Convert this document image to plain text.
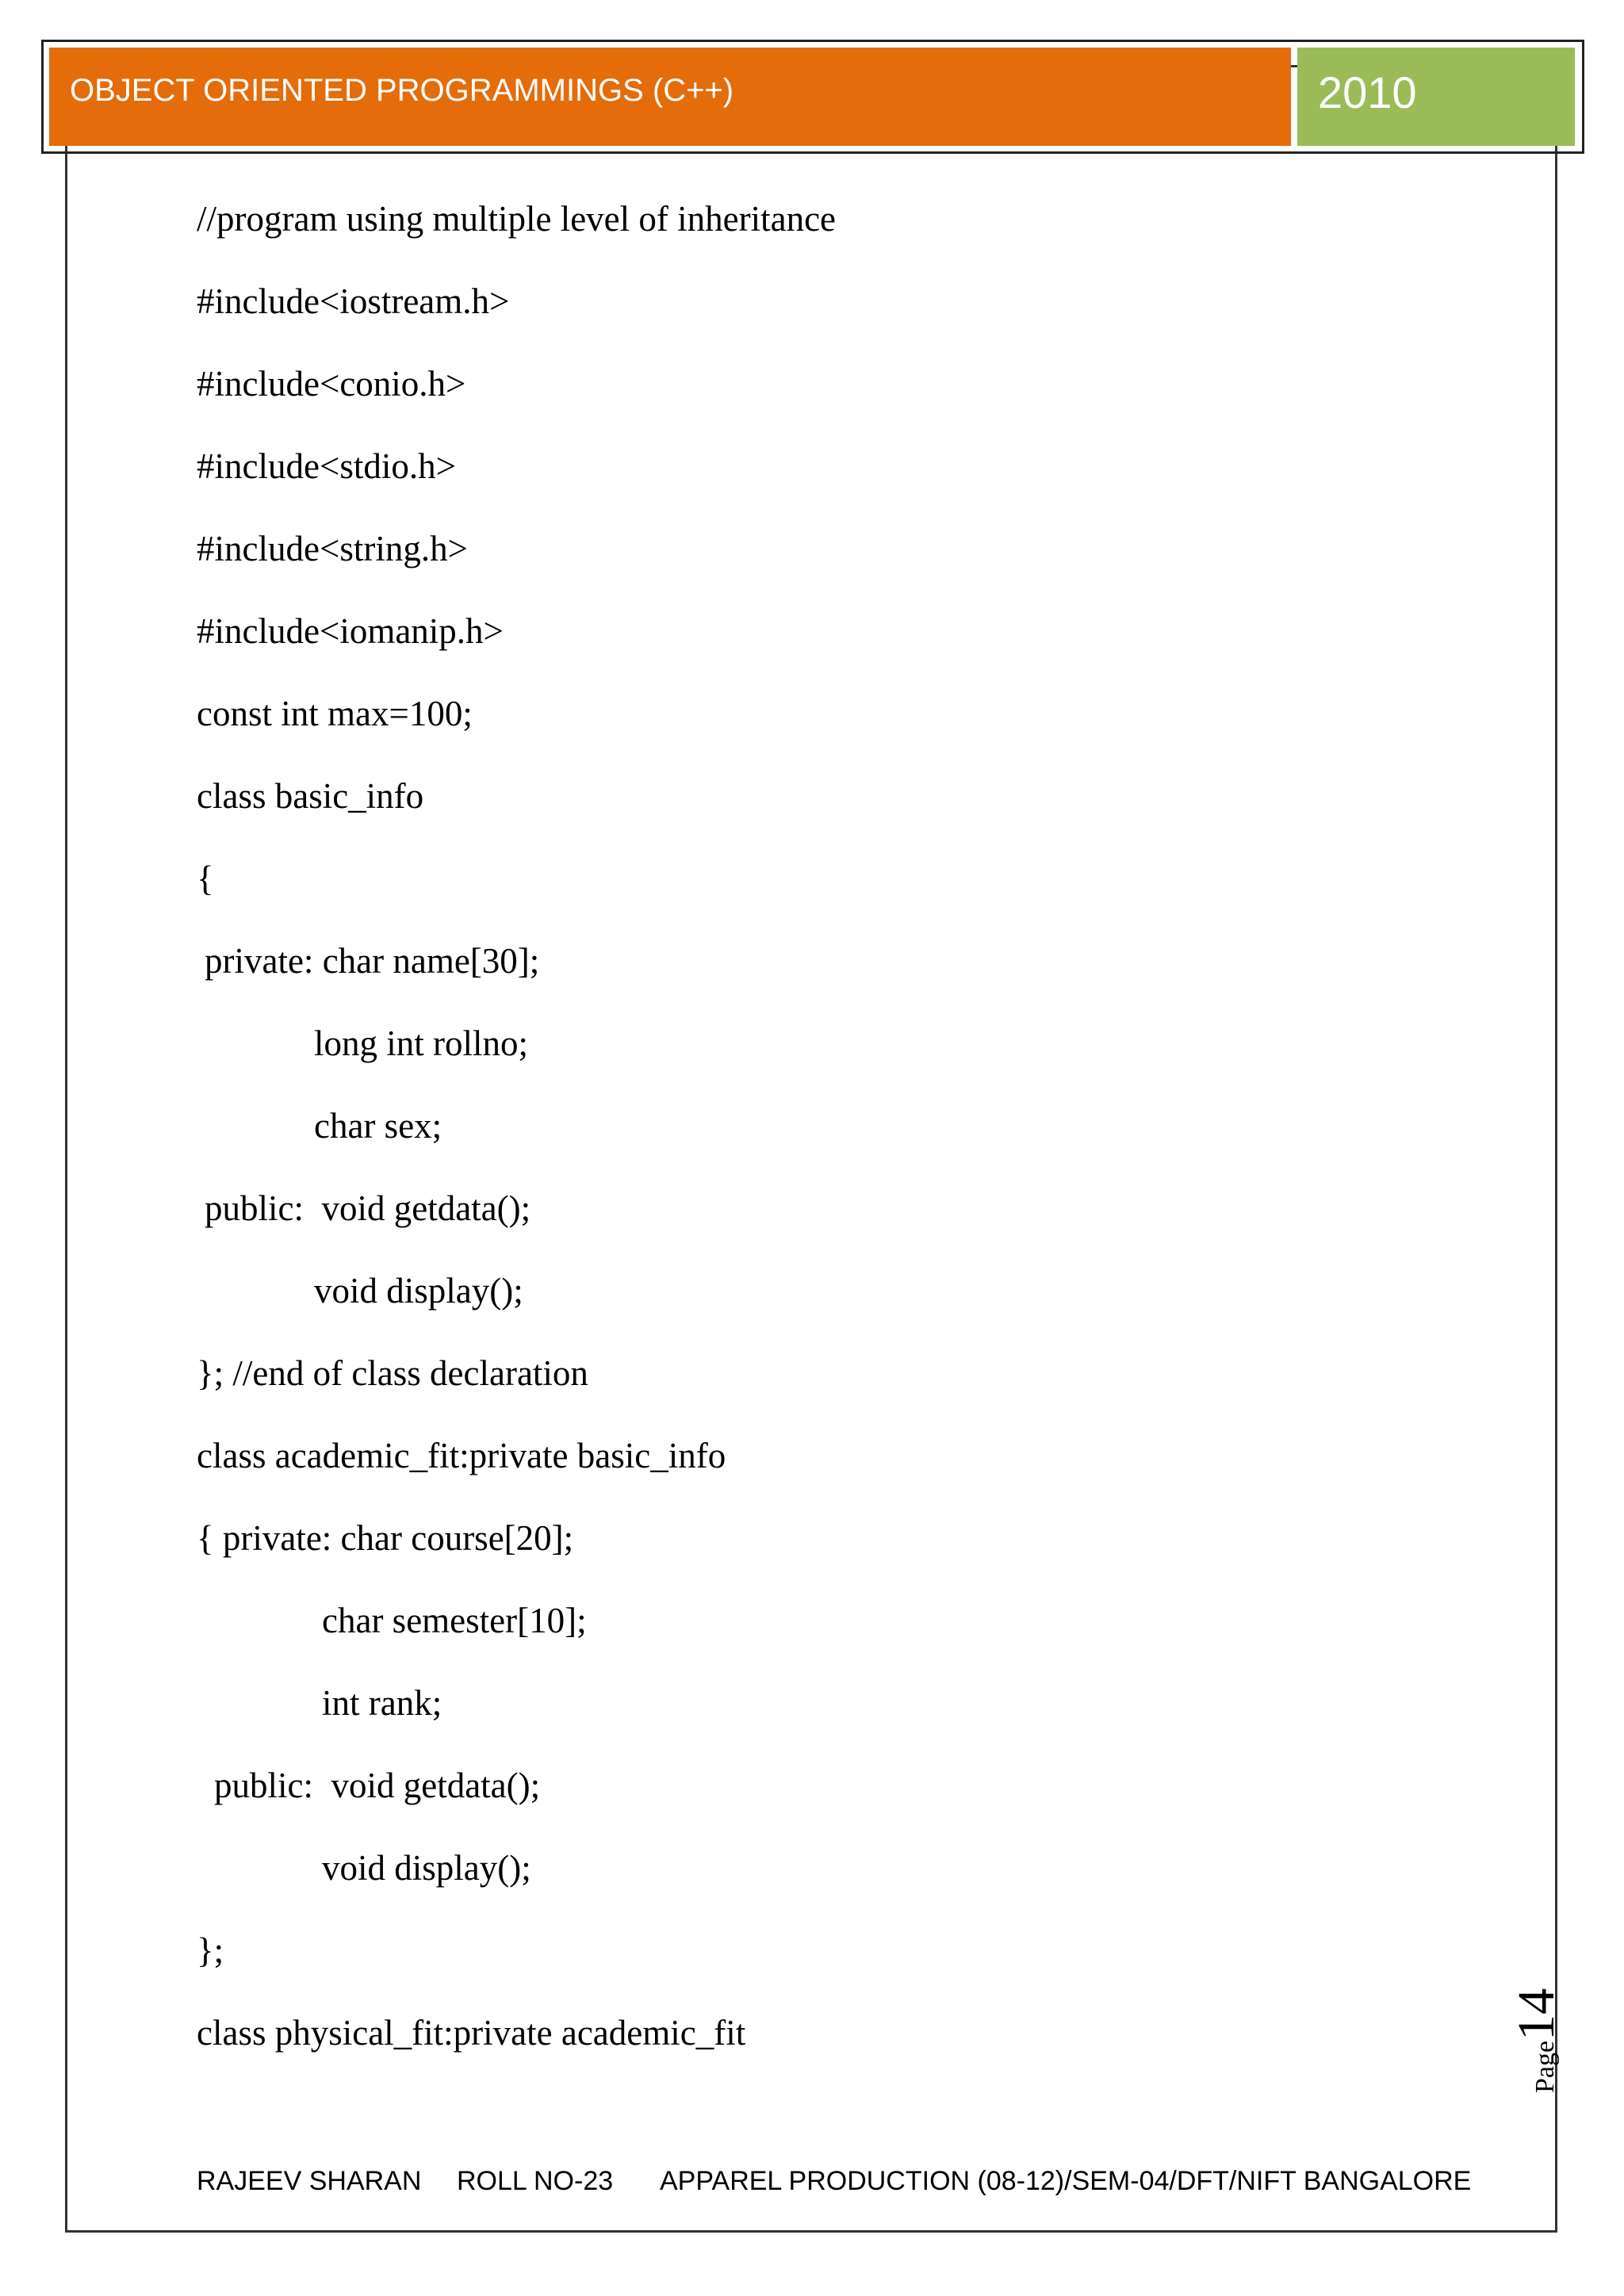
OBJECT ORIENTED PROGRAMMINGS (C++)	2010
//program using multiple level of inheritance
#include<iostream.h>
#include<conio.h>
#include<stdio.h>
#include<string.h>
#include<iomanip.h>
const int max=100;
class basic_info
{
private: char name[30];
long int rollno;
char sex;
public:  void getdata();
void display();
}; //end of class declaration
class academic_fit:private basic_info
{ private: char course[20];
char semester[10];
int rank;
public:  void getdata();
void display();
};
class physical_fit:private academic_fit
Page14
RAJEEV SHARAN ROLL NO-23 APPAREL PRODUCTION (08-12)/SEM-04/DFT/NIFT BANGALORE
